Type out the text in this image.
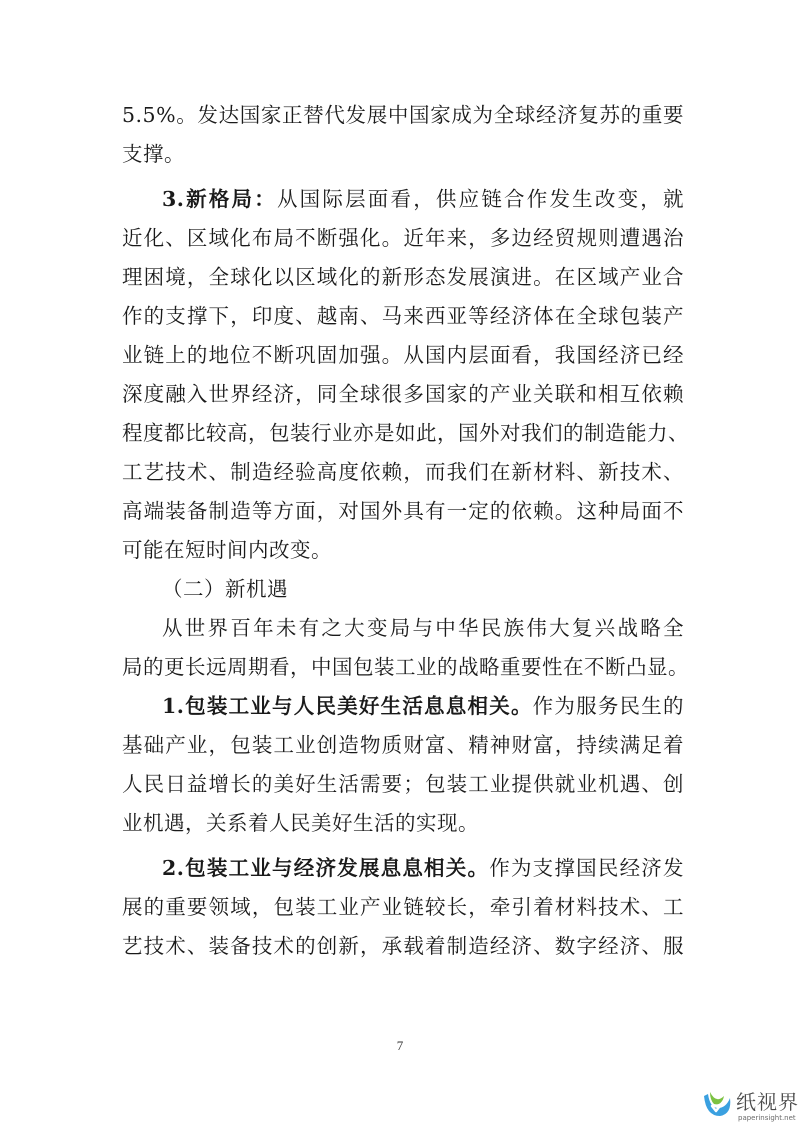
5.5%。发达国家正替代发展中国家成为全球经济复苏的重要
支撑。
3.新格局：从国际层面看，供应链合作发生改变，就
近化、区域化布局不断强化。近年来，多边经贸规则遭遇治
理困境，全球化以区域化的新形态发展演进。在区域产业合
作的支撑下，印度、越南、马来西亚等经济体在全球包装产
业链上的地位不断巩固加强。从国内层面看，我国经济已经
深度融入世界经济，同全球很多国家的产业关联和相互依赖
程度都比较高，包装行业亦是如此，国外对我们的制造能力、
工艺技术、制造经验高度依赖，而我们在新材料、新技术、
高端装备制造等方面，对国外具有一定的依赖。这种局面不
可能在短时间内改变。
（二）新机遇
从世界百年未有之大变局与中华民族伟大复兴战略全
局的更长远周期看，中国包装工业的战略重要性在不断凸显。
1.包装工业与人民美好生活息息相关。作为服务民生的
基础产业，包装工业创造物质财富、精神财富，持续满足着
人民日益增长的美好生活需要；包装工业提供就业机遇、创
业机遇，关系着人民美好生活的实现。
2.包装工业与经济发展息息相关。作为支撑国民经济发
展的重要领域，包装工业产业链较长，牵引着材料技术、工
艺技术、装备技术的创新，承载着制造经济、数字经济、服
7
纸视界
paperinsight.net
